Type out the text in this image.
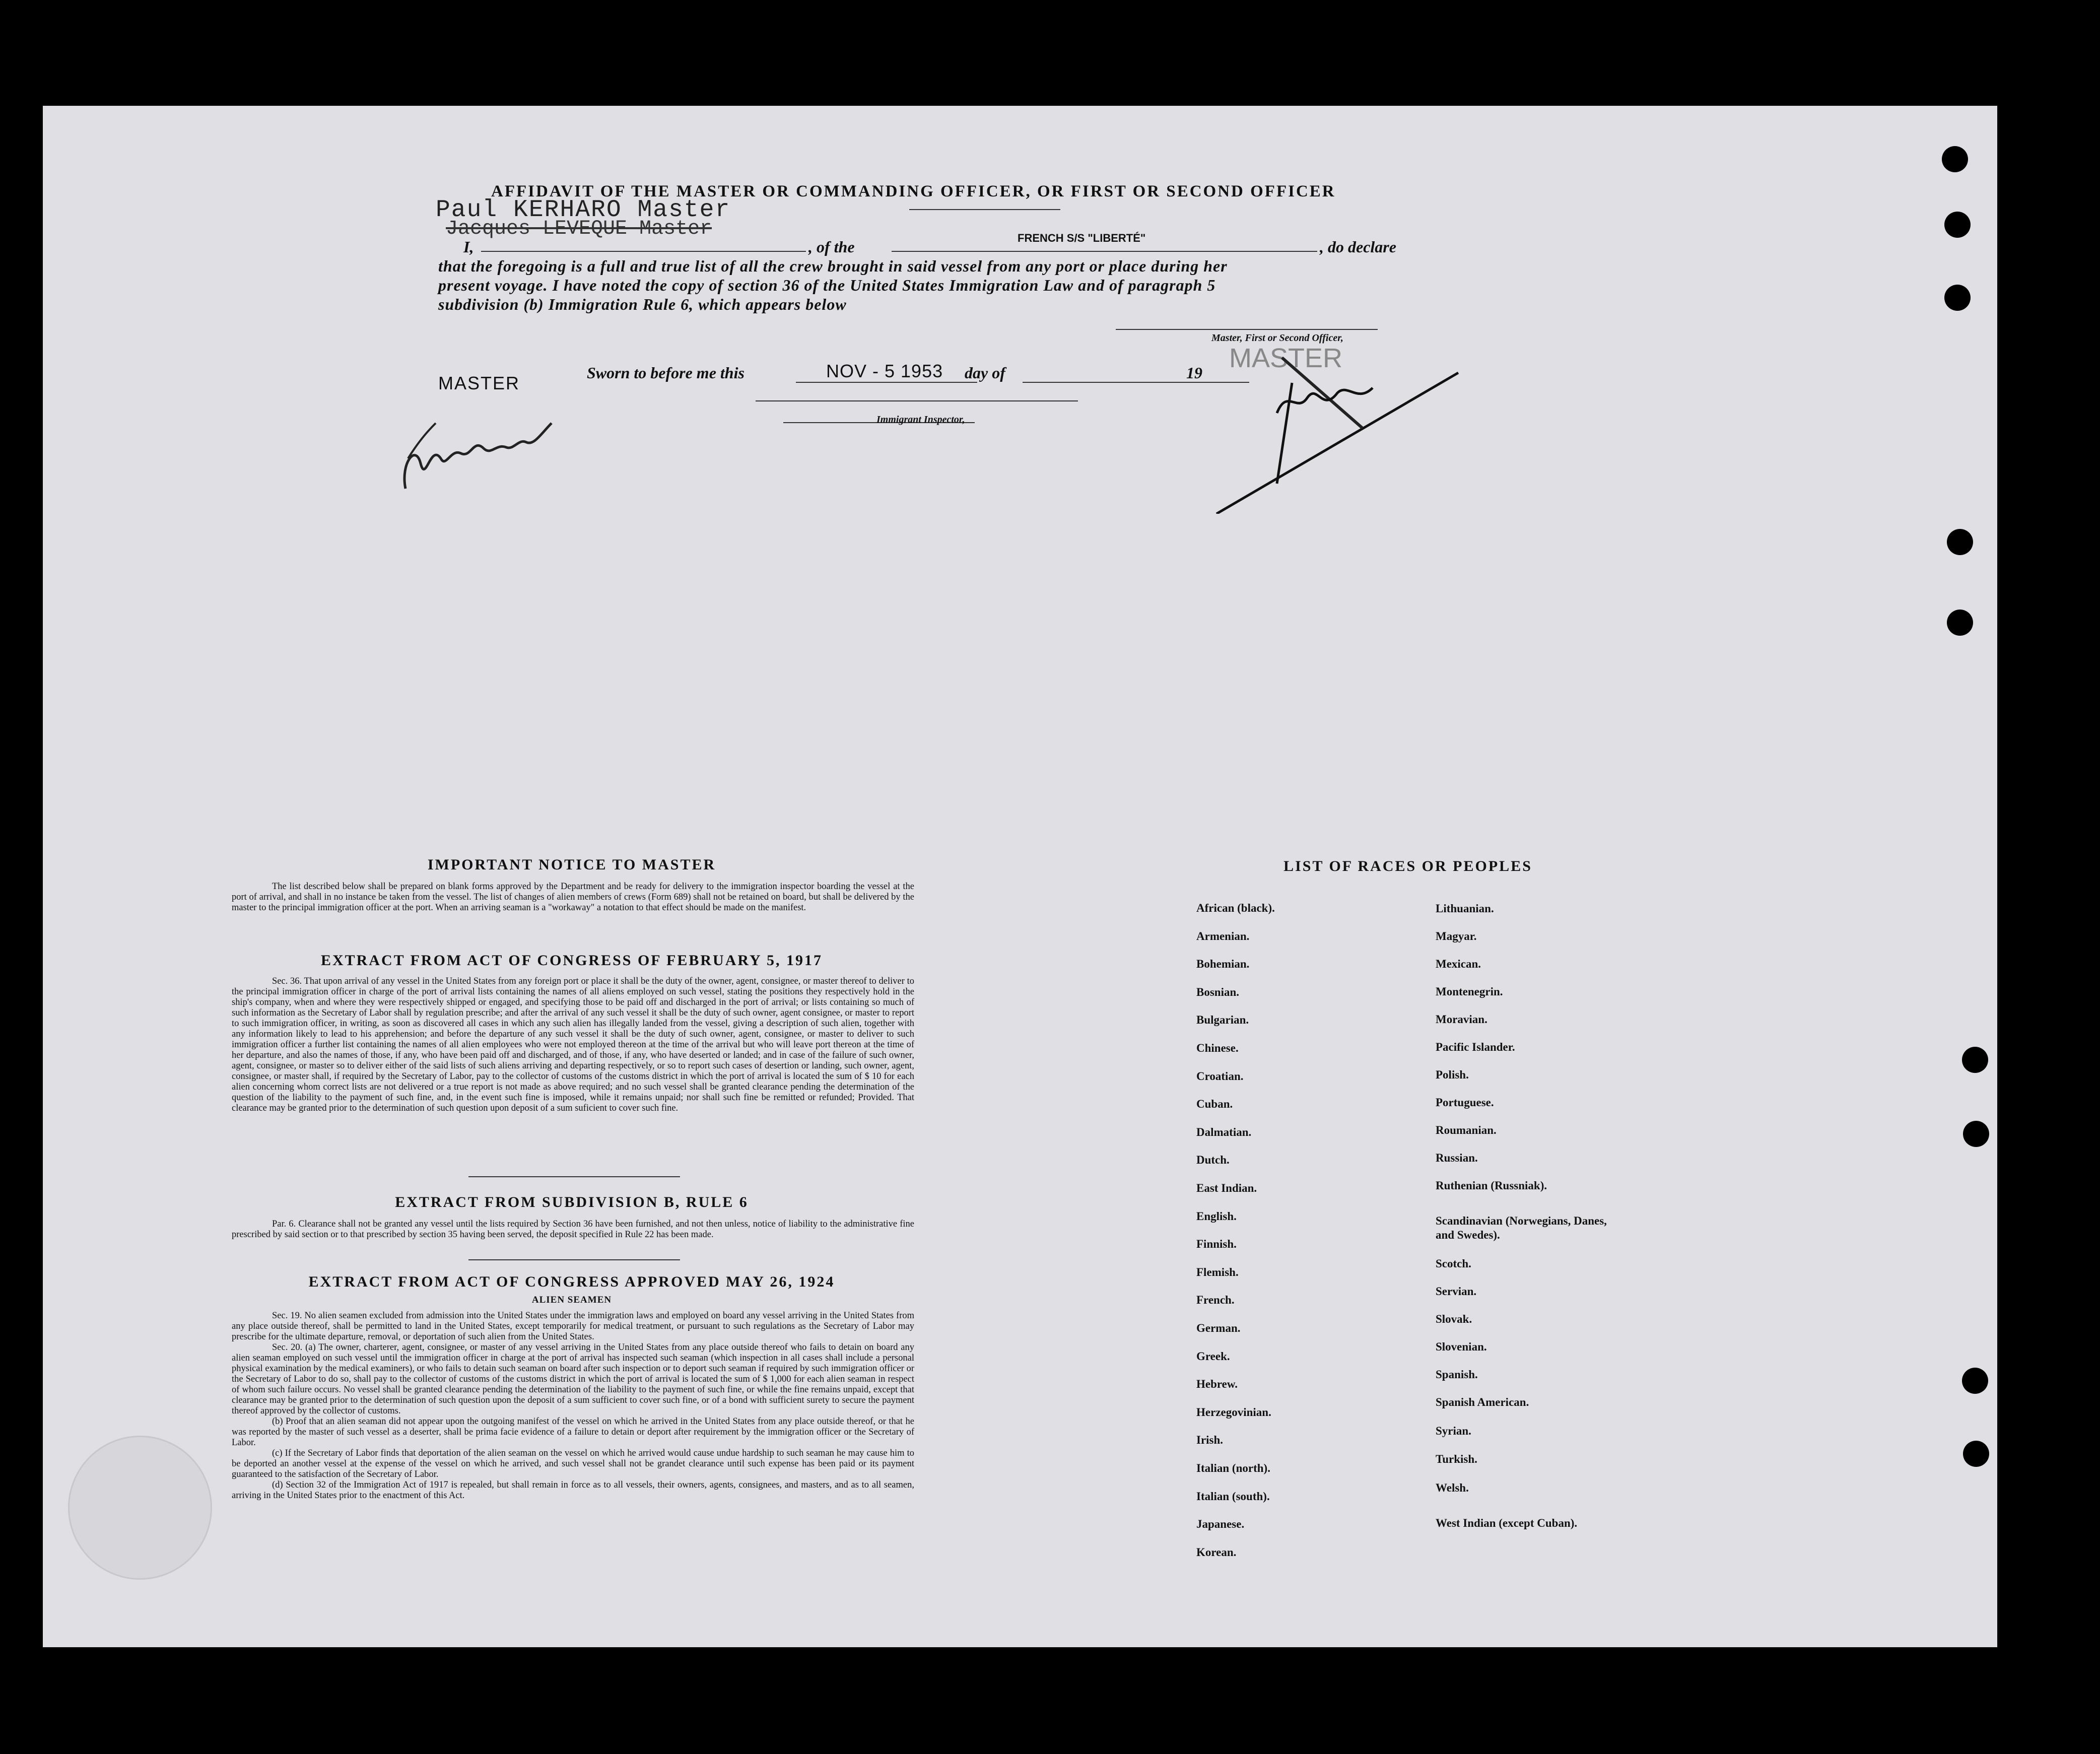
AFFIDAVIT OF THE MASTER OR COMMANDING OFFICER, OR FIRST OR SECOND OFFICER
Paul KERHARO Master
Jacques LEVEQUE Master
I,	, of the	FRENCH S/S "LIBERTÉ"	, do declare
that the foregoing is a full and true list of all the crew brought in said vessel from any port or place during her
present voyage. I have noted the copy of section 36 of the United States Immigration Law and of paragraph 5
subdivision (b) Immigration Rule 6, which appears below
Master, First or Second Officer,
MASTER
MASTER	Sworn to before me this	NOV - 5 1953 day of	19
Immigrant Inspector,
IMPORTANT NOTICE TO MASTER
The list described below shall be prepared on blank forms approved by the Department and be ready for delivery to the immigration inspector boarding the vessel at the port of arrival, and shall in no instance be taken from the vessel. The list of changes of alien members of crews (Form 689) shall not be retained on board, but shall be delivered by the master to the principal immigration officer at the port. When an arriving seaman is a "workaway" a notation to that effect should be made on the manifest.
EXTRACT FROM ACT OF CONGRESS OF FEBRUARY 5, 1917
Sec. 36. That upon arrival of any vessel in the United States from any foreign port or place it shall be the duty of the owner, agent, consignee, or master thereof to deliver to the principal immigration officer in charge of the port of arrival lists containing the names of all aliens employed on such vessel, stating the positions they respectively hold in the ship's company, when and where they were respectively shipped or engaged, and specifying those to be paid off and discharged in the port of arrival; or lists containing so much of such information as the Secretary of Labor shall by regulation prescribe; and after the arrival of any such vessel it shall be the duty of such owner, agent consignee, or master to report to such immigration officer, in writing, as soon as discovered all cases in which any such alien has illegally landed from the vessel, giving a description of such alien, together with any information likely to lead to his apprehension; and before the departure of any such vessel it shall be the duty of such owner, agent, consignee, or master to deliver to such immigration officer a further list containing the names of all alien employees who were not employed thereon at the time of the arrival but who will leave port thereon at the time of her departure, and also the names of those, if any, who have been paid off and discharged, and of those, if any, who have deserted or landed; and in case of the failure of such owner, agent, consignee, or master so to deliver either of the said lists of such aliens arriving and departing respectively, or so to report such cases of desertion or landing, such owner, agent, consignee, or master shall, if required by the Secretary of Labor, pay to the collector of customs of the customs district in which the port of arrival is located the sum of $ 10 for each alien concerning whom correct lists are not delivered or a true report is not made as above required; and no such vessel shall be granted clearance pending the determination of the question of the liability to the payment of such fine, and, in the event such fine is imposed, while it remains unpaid; nor shall such fine be remitted or refunded; Provided. That clearance may be granted prior to the determination of such question upon deposit of a sum suficient to cover such fine.
EXTRACT FROM SUBDIVISION B, RULE 6
Par. 6. Clearance shall not be granted any vessel until the lists required by Section 36 have been furnished, and not then unless, notice of liability to the administrative fine prescribed by said section or to that prescribed by section 35 having been served, the deposit specified in Rule 22 has been made.
EXTRACT FROM ACT OF CONGRESS APPROVED MAY 26, 1924
ALIEN SEAMEN

Sec. 19. No alien seamen excluded from admission into the United States under the immigration laws and employed on board any vessel arriving in the United States from any place outside thereof, shall be permitted to land in the United States, except temporarily for medical treatment, or pursuant to such regulations as the Secretary of Labor may prescribe for the ultimate departure, removal, or deportation of such alien from the United States.

Sec. 20. (a) The owner, charterer, agent, consignee, or master of any vessel arriving in the United States from any place outside thereof who fails to detain on board any alien seaman employed on such vessel until the immigration officer in charge at the port of arrival has inspected such seaman (which inspection in all cases shall include a personal physical examination by the medical examiners), or who fails to detain such seaman on board after such inspection or to deport such seaman if required by such immigration officer or the Secretary of Labor to do so, shall pay to the collector of customs of the customs district in which the port of arrival is located the sum of $ 1,000 for each alien seaman in respect of whom such failure occurs. No vessel shall be granted clearance pending the determination of the liability to the payment of such fine, or while the fine remains unpaid, except that clearance may be granted prior to the determination of such question upon the deposit of a sum sufficient to cover such fine, or of a bond with sufficient surety to secure the payment thereof approved by the collector of customs.

(b) Proof that an alien seaman did not appear upon the outgoing manifest of the vessel on which he arrived in the United States from any place outside thereof, or that he was reported by the master of such vessel as a deserter, shall be prima facie evidence of a failure to detain or deport after requirement by the immigration officer or the Secretary of Labor.

(c) If the Secretary of Labor finds that deportation of the alien seaman on the vessel on which he arrived would cause undue hardship to such seaman he may cause him to be deported an another vessel at the expense of the vessel on which he arrived, and such vessel shall not be grandet clearance until such expense has been paid or its payment guaranteed to the satisfaction of the Secretary of Labor.

(d) Section 32 of the Immigration Act of 1917 is repealed, but shall remain in force as to all vessels, their owners, agents, consignees, and masters, and as to all seamen, arriving in the United States prior to the enactment of this Act.

LIST OF RACES OR PEOPLES
African (black).
Armenian.
Bohemian.
Bosnian.
Bulgarian.
Chinese.
Croatian.
Cuban.
Dalmatian.
Dutch.
East Indian.
English.
Finnish.
Flemish.
French.
German.
Greek.
Hebrew.
Herzegovinian.
Irish.
Italian (north).
Italian (south).
Japanese.
Korean.
Lithuanian.
Magyar.
Mexican.
Montenegrin.
Moravian.
Pacific Islander.
Polish.
Portuguese.
Roumanian.
Russian.
Ruthenian (Russniak).
Scandinavian (Norwegians, Danes, and Swedes).
Scotch.
Servian.
Slovak.
Slovenian.
Spanish.
Spanish American.
Syrian.
Turkish.
Welsh.
West Indian (except Cuban).
